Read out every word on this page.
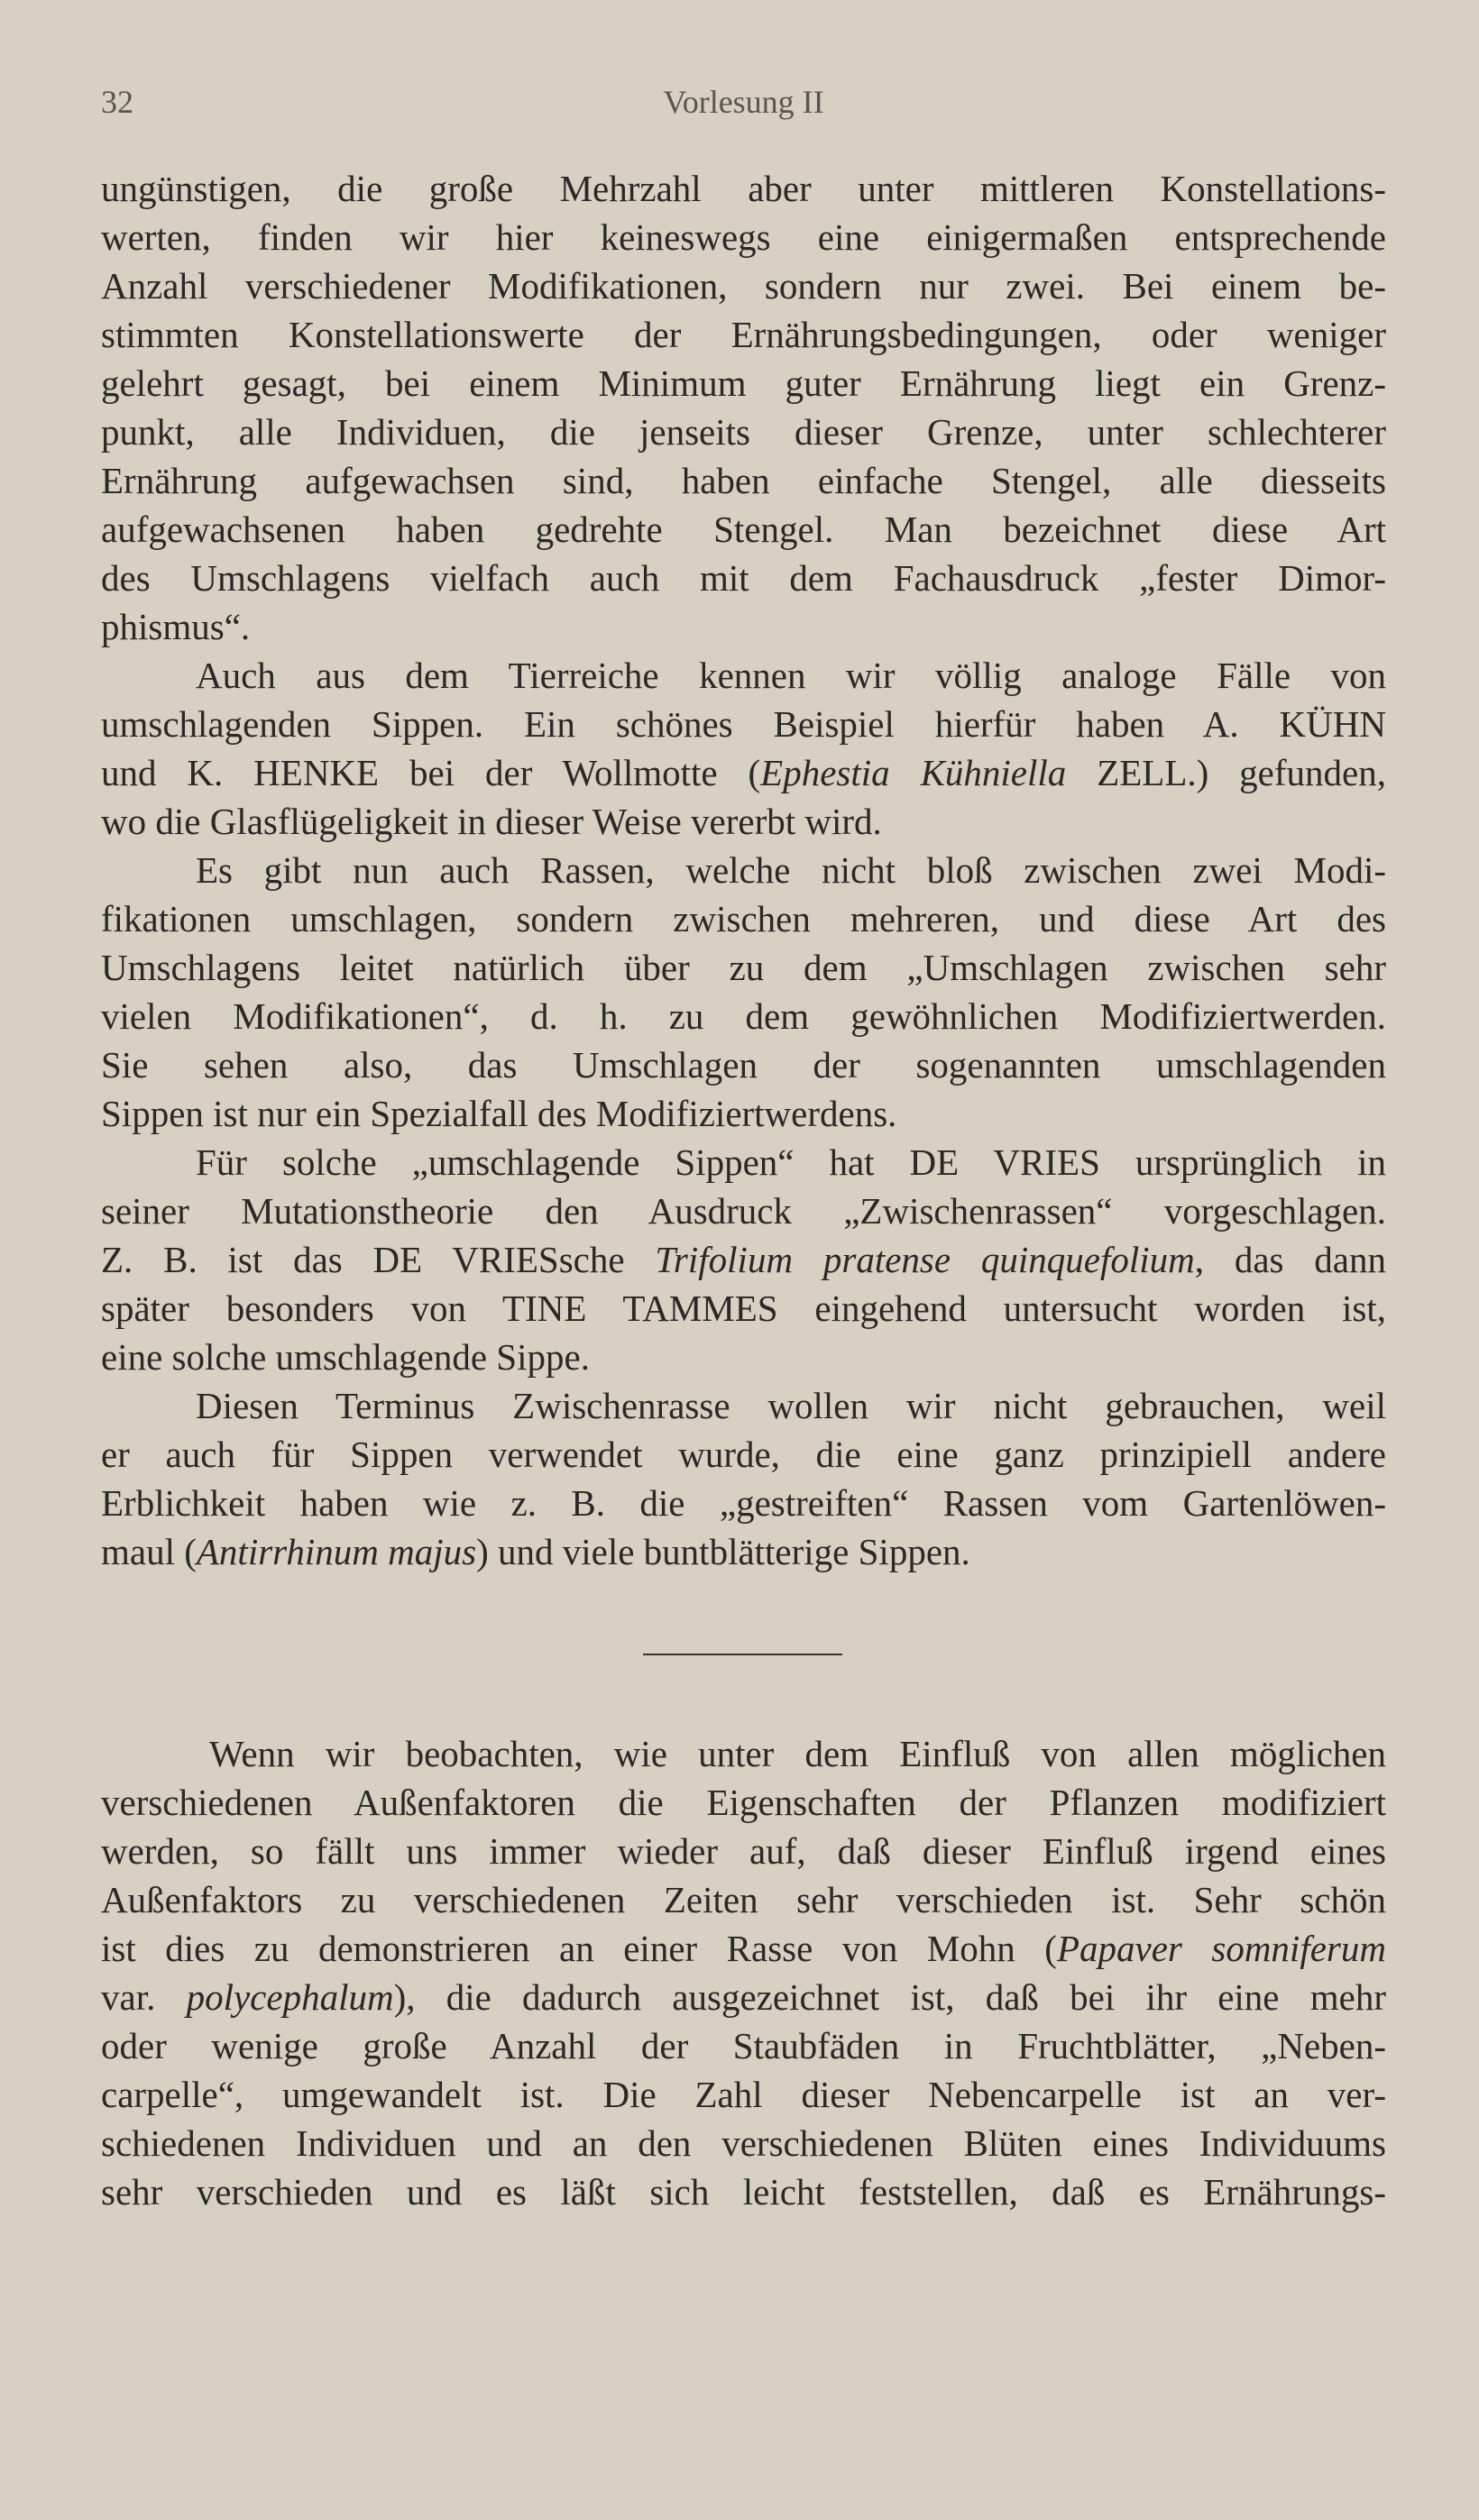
32	Vorlesung II
ungünstigen, die große Mehrzahl aber unter mittleren Konstellations-
werten, finden wir hier keineswegs eine einigermaßen entsprechende
Anzahl verschiedener Modifikationen, sondern nur zwei. Bei einem be-
stimmten Konstellationswerte der Ernährungsbedingungen, oder weniger
gelehrt gesagt, bei einem Minimum guter Ernährung liegt ein Grenz-
punkt, alle Individuen, die jenseits dieser Grenze, unter schlechterer
Ernährung aufgewachsen sind, haben einfache Stengel, alle diesseits
aufgewachsenen haben gedrehte Stengel. Man bezeichnet diese Art
des Umschlagens vielfach auch mit dem Fachausdruck „fester Dimor-
phismus“.
Auch aus dem Tierreiche kennen wir völlig analoge Fälle von
umschlagenden Sippen. Ein schönes Beispiel hierfür haben A. KÜHN
und K. HENKE bei der Wollmotte (Ephestia Kühniella ZELL.) gefunden,
wo die Glasflügeligkeit in dieser Weise vererbt wird.
Es gibt nun auch Rassen, welche nicht bloß zwischen zwei Modi-
fikationen umschlagen, sondern zwischen mehreren, und diese Art des
Umschlagens leitet natürlich über zu dem „Umschlagen zwischen sehr
vielen Modifikationen“, d. h. zu dem gewöhnlichen Modifiziertwerden.
Sie sehen also, das Umschlagen der sogenannten umschlagenden
Sippen ist nur ein Spezialfall des Modifiziertwerdens.
Für solche „umschlagende Sippen“ hat DE VRIES ursprünglich in
seiner Mutationstheorie den Ausdruck „Zwischenrassen“ vorgeschlagen.
Z. B. ist das DE VRIESsche Trifolium pratense quinquefolium, das dann
später besonders von TINE TAMMES eingehend untersucht worden ist,
eine solche umschlagende Sippe.
Diesen Terminus Zwischenrasse wollen wir nicht gebrauchen, weil
er auch für Sippen verwendet wurde, die eine ganz prinzipiell andere
Erblichkeit haben wie z. B. die „gestreiften“ Rassen vom Gartenlöwen-
maul (Antirrhinum majus) und viele buntblätterige Sippen.
Wenn wir beobachten, wie unter dem Einfluß von allen möglichen
verschiedenen Außenfaktoren die Eigenschaften der Pflanzen modifiziert
werden, so fällt uns immer wieder auf, daß dieser Einfluß irgend eines
Außenfaktors zu verschiedenen Zeiten sehr verschieden ist. Sehr schön
ist dies zu demonstrieren an einer Rasse von Mohn (Papaver somniferum
var. polycephalum), die dadurch ausgezeichnet ist, daß bei ihr eine mehr
oder wenige große Anzahl der Staubfäden in Fruchtblätter, „Neben-
carpelle“, umgewandelt ist. Die Zahl dieser Nebencarpelle ist an ver-
schiedenen Individuen und an den verschiedenen Blüten eines Individuums
sehr verschieden und es läßt sich leicht feststellen, daß es Ernährungs-
